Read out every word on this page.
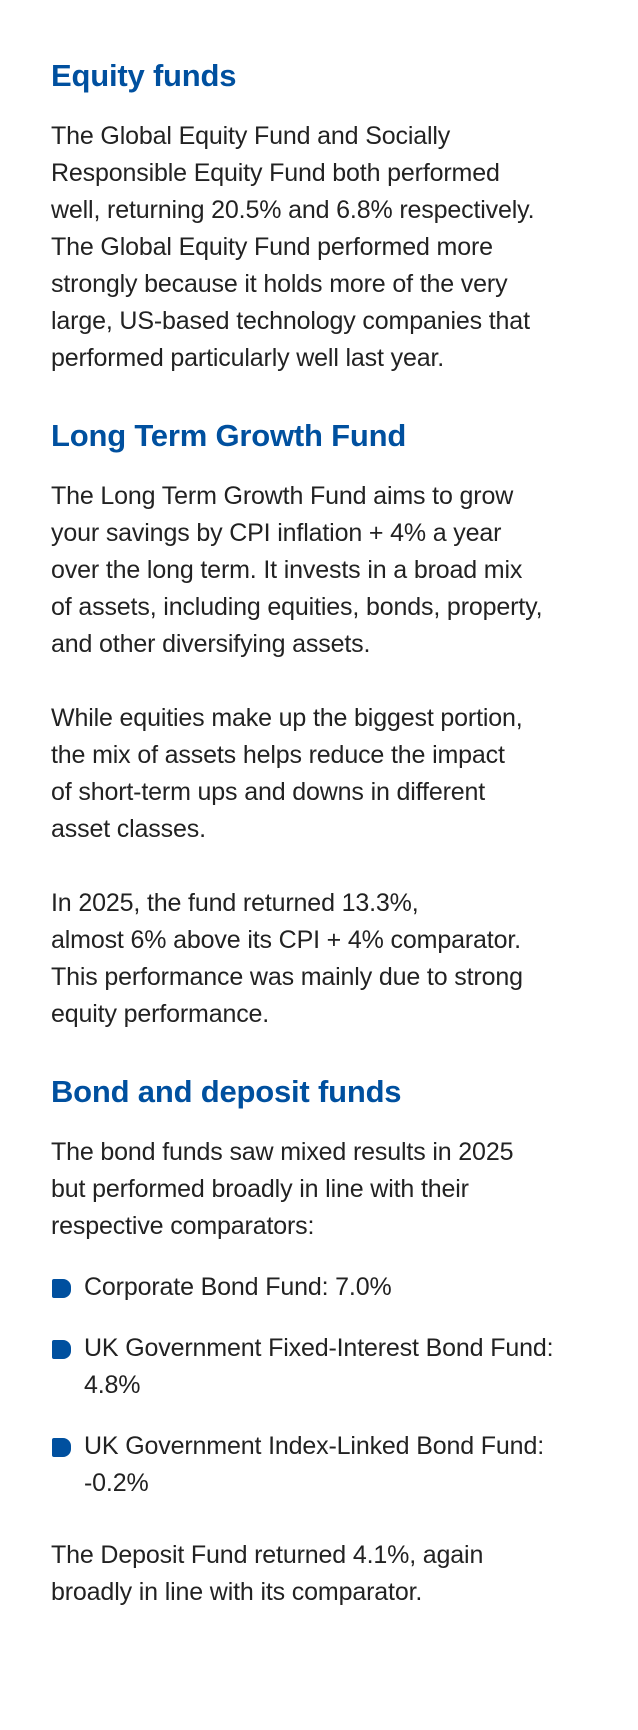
Equity funds

The Global Equity Fund and Socially
Responsible Equity Fund both performed
well, returning 20.5% and 6.8% respectively.
The Global Equity Fund performed more
strongly because it holds more of the very
large, US-based technology companies that
performed particularly well last year.

Long Term Growth Fund

The Long Term Growth Fund aims to grow
your savings by CPI inflation + 4% a year
over the long term. It invests in a broad mix
of assets, including equities, bonds, property,
and other diversifying assets.

While equities make up the biggest portion,
the mix of assets helps reduce the impact
of short-term ups and downs in different
asset classes.

In 2025, the fund returned 13.3%,
almost 6% above its CPI + 4% comparator.
This performance was mainly due to strong
equity performance.

Bond and deposit funds

The bond funds saw mixed results in 2025
but performed broadly in line with their
respective comparators:

Corporate Bond Fund: 7.0%
UK Government Fixed-Interest Bond Fund:
4.8%
UK Government Index-Linked Bond Fund:
-0.2%

The Deposit Fund returned 4.1%, again
broadly in line with its comparator.
